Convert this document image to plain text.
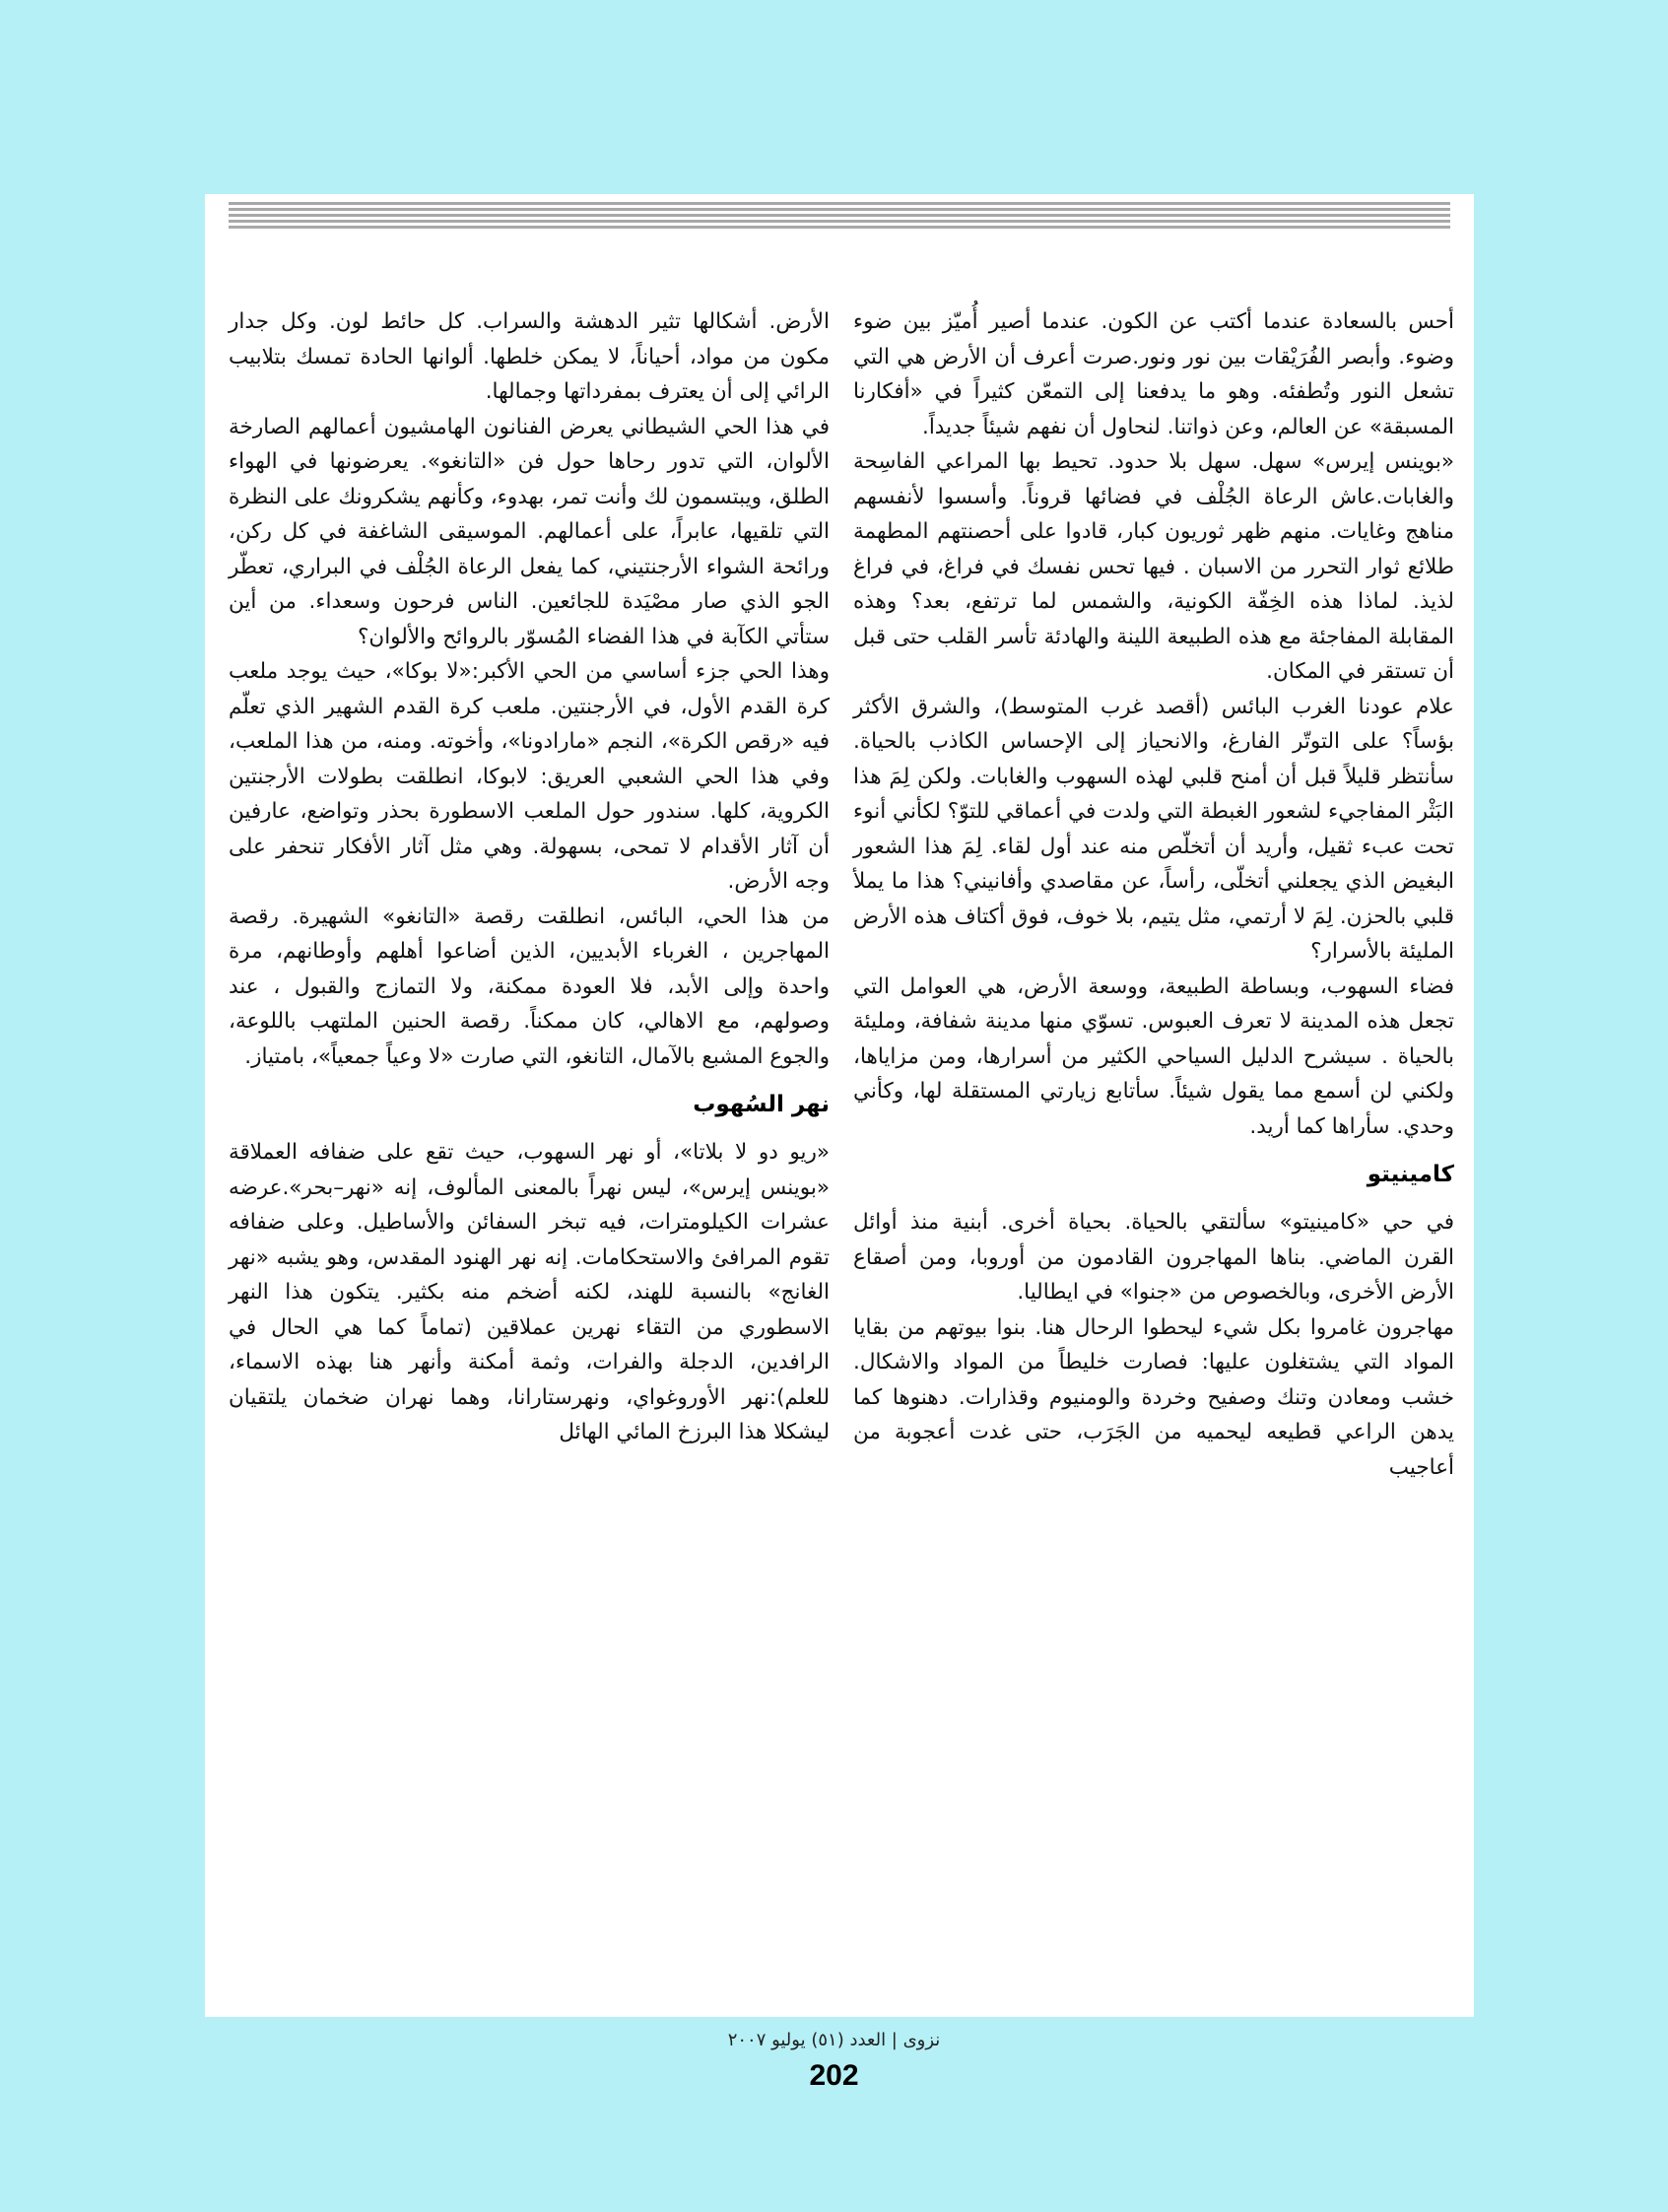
أحس بالسعادة عندما أكتب عن الكون. عندما أصير أُميّز بين ضوء وضوء. وأبصر الفُرَيْقات بين نور ونور.صرت أعرف أن الأرض هي التي تشعل النور وتُطفئه. وهو ما يدفعنا إلى التمعّن كثيراً في «أفكارنا المسبقة» عن العالم، وعن ذواتنا. لنحاول أن نفهم شيئاً جديداً.

«بوينس إيرس» سهل. سهل بلا حدود. تحيط بها المراعي الفاسِحة والغابات.عاش الرعاة الجُلْف في فضائها قروناً. وأسسوا لأنفسهم مناهج وغايات. منهم ظهر ثوريون كبار، قادوا على أحصنتهم المطهمة طلائع ثوار التحرر من الاسبان . فيها تحس نفسك في فراغ، في فراغ لذيذ. لماذا هذه الخِفّة الكونية، والشمس لما ترتفع، بعد؟ وهذه المقابلة المفاجئة مع هذه الطبيعة اللينة والهادئة تأسر القلب حتى قبل أن تستقر في المكان.

علام عودنا الغرب البائس (أقصد غرب المتوسط)، والشرق الأكثر بؤساً؟ على التوتّر الفارغ، والانحياز إلى الإحساس الكاذب بالحياة. سأنتظر قليلاً قبل أن أمنح قلبي لهذه السهوب والغابات. ولكن لِمَ هذا البَثْر المفاجيء لشعور الغبطة التي ولدت في أعماقي للتوّ؟ لكأني أنوء تحت عبء ثقيل، وأريد أن أتخلّص منه عند أول لقاء. لِمَ هذا الشعور البغيض الذي يجعلني أتخلّى، رأساً، عن مقاصدي وأفانيني؟ هذا ما يملأ قلبي بالحزن. لِمَ لا أرتمي، مثل يتيم، بلا خوف، فوق أكتاف هذه الأرض المليئة بالأسرار؟

فضاء السهوب، وبساطة الطبيعة، ووسعة الأرض، هي العوامل التي تجعل هذه المدينة لا تعرف العبوس. تسوّي منها مدينة شفافة، ومليئة بالحياة . سيشرح الدليل السياحي الكثير من أسرارها، ومن مزاياها، ولكني لن أسمع مما يقول شيئاً. سأتابع زيارتي المستقلة لها، وكأني وحدي. سأراها كما أريد.

كامينيتو

في حي «كامينيتو» سألتقي بالحياة. بحياة أخرى. أبنية منذ أوائل القرن الماضي. بناها المهاجرون القادمون من أوروبا، ومن أصقاع الأرض الأخرى، وبالخصوص من «جنوا» في ايطاليا.

مهاجرون غامروا بكل شيء ليحطوا الرحال هنا. بنوا بيوتهم من بقايا المواد التي يشتغلون عليها: فصارت خليطاً من المواد والاشكال. خشب ومعادن وتنك وصفيح وخردة والومنيوم وقذارات. دهنوها كما يدهن الراعي قطيعه ليحميه من الجَرَب، حتى غدت أعجوبة من أعاجيب

الأرض. أشكالها تثير الدهشة والسراب. كل حائط لون. وكل جدار مكون من مواد، أحياناً، لا يمكن خلطها. ألوانها الحادة تمسك بتلابيب الرائي إلى أن يعترف بمفرداتها وجمالها.

في هذا الحي الشيطاني يعرض الفنانون الهامشيون أعمالهم الصارخة الألوان، التي تدور رحاها حول فن «التانغو». يعرضونها في الهواء الطلق، ويبتسمون لك وأنت تمر، بهدوء، وكأنهم يشكرونك على النظرة التي تلقيها، عابراً، على أعمالهم. الموسيقى الشاغفة في كل ركن، ورائحة الشواء الأرجنتيني، كما يفعل الرعاة الجُلْف في البراري، تعطّر الجو الذي صار مصْيَدة للجائعين. الناس فرحون وسعداء. من أين ستأتي الكآبة في هذا الفضاء المُسوّر بالروائح والألوان؟

وهذا الحي جزء أساسي من الحي الأكبر:«لا بوكا»، حيث يوجد ملعب كرة القدم الأول، في الأرجنتين. ملعب كرة القدم الشهير الذي تعلّم فيه «رقص الكرة»، النجم «مارادونا»، وأخوته. ومنه، من هذا الملعب، وفي هذا الحي الشعبي العريق: لابوكا، انطلقت بطولات الأرجنتين الكروية، كلها. سندور حول الملعب الاسطورة بحذر وتواضع، عارفين أن آثار الأقدام لا تمحى، بسهولة. وهي مثل آثار الأفكار تنحفر على وجه الأرض.

من هذا الحي، البائس، انطلقت رقصة «التانغو» الشهيرة. رقصة المهاجرين ، الغرباء الأبديين، الذين أضاعوا أهلهم وأوطانهم، مرة واحدة وإلى الأبد، فلا العودة ممكنة، ولا التمازج والقبول ، عند وصولهم، مع الاهالي، كان ممكناً. رقصة الحنين الملتهب باللوعة، والجوع المشبع بالآمال، التانغو، التي صارت «لا وعياً جمعياً»، بامتياز.

نهر السُهوب

«ريو دو لا بلاتا»، أو نهر السهوب، حيث تقع على ضفافه العملاقة «بوينس إيرس»، ليس نهراً بالمعنى المألوف، إنه «نهر–بحر».عرضه عشرات الكيلومترات، فيه تبخر السفائن والأساطيل. وعلى ضفافه تقوم المرافئ والاستحكامات. إنه نهر الهنود المقدس، وهو يشبه «نهر الغانج» بالنسبة للهند، لكنه أضخم منه بكثير. يتكون هذا النهر الاسطوري من التقاء نهرين عملاقين (تماماً كما هي الحال في الرافدين، الدجلة والفرات، وثمة أمكنة وأنهر هنا بهذه الاسماء، للعلم):نهر الأوروغواي، ونهرستارانا، وهما نهران ضخمان يلتقيان ليشكلا هذا البرزخ المائي الهائل

نزوى | العدد (٥١) يوليو ٢٠٠٧
202
